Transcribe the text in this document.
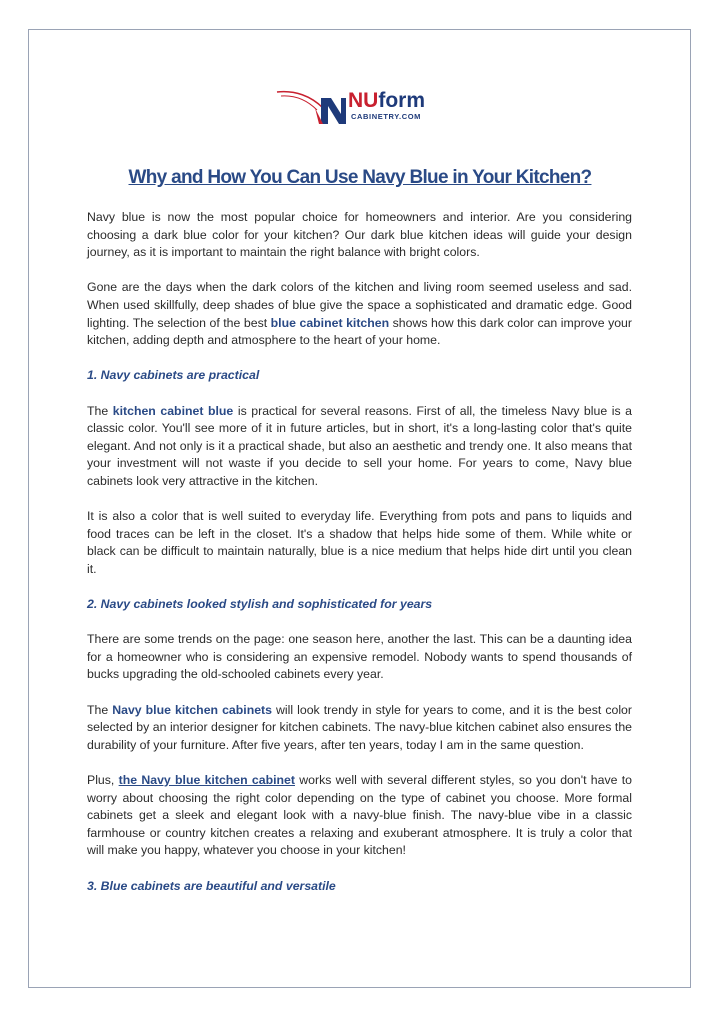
NUform
CABINETRY.COM
Why and How You Can Use Navy Blue in Your Kitchen?

Navy blue is now the most popular choice for homeowners and interior. Are you considering choosing a dark blue color for your kitchen? Our dark blue kitchen ideas will guide your design journey, as it is important to maintain the right balance with bright colors.

Gone are the days when the dark colors of the kitchen and living room seemed useless and sad. When used skillfully, deep shades of blue give the space a sophisticated and dramatic edge. Good lighting. The selection of the best blue cabinet kitchen shows how this dark color can improve your kitchen, adding depth and atmosphere to the heart of your home.

1. Navy cabinets are practical

The kitchen cabinet blue is practical for several reasons. First of all, the timeless Navy blue is a classic color. You'll see more of it in future articles, but in short, it's a long-lasting color that's quite elegant. And not only is it a practical shade, but also an aesthetic and trendy one. It also means that your investment will not waste if you decide to sell your home. For years to come, Navy blue cabinets look very attractive in the kitchen.

It is also a color that is well suited to everyday life. Everything from pots and pans to liquids and food traces can be left in the closet. It's a shadow that helps hide some of them. While white or black can be difficult to maintain naturally, blue is a nice medium that helps hide dirt until you clean it.

2. Navy cabinets looked stylish and sophisticated for years

There are some trends on the page: one season here, another the last. This can be a daunting idea for a homeowner who is considering an expensive remodel. Nobody wants to spend thousands of bucks upgrading the old-schooled cabinets every year.

The Navy blue kitchen cabinets will look trendy in style for years to come, and it is the best color selected by an interior designer for kitchen cabinets. The navy-blue kitchen cabinet also ensures the durability of your furniture. After five years, after ten years, today I am in the same question.

Plus, the Navy blue kitchen cabinet works well with several different styles, so you don't have to worry about choosing the right color depending on the type of cabinet you choose. More formal cabinets get a sleek and elegant look with a navy-blue finish. The navy-blue vibe in a classic farmhouse or country kitchen creates a relaxing and exuberant atmosphere. It is truly a color that will make you happy, whatever you choose in your kitchen!

3. Blue cabinets are beautiful and versatile
